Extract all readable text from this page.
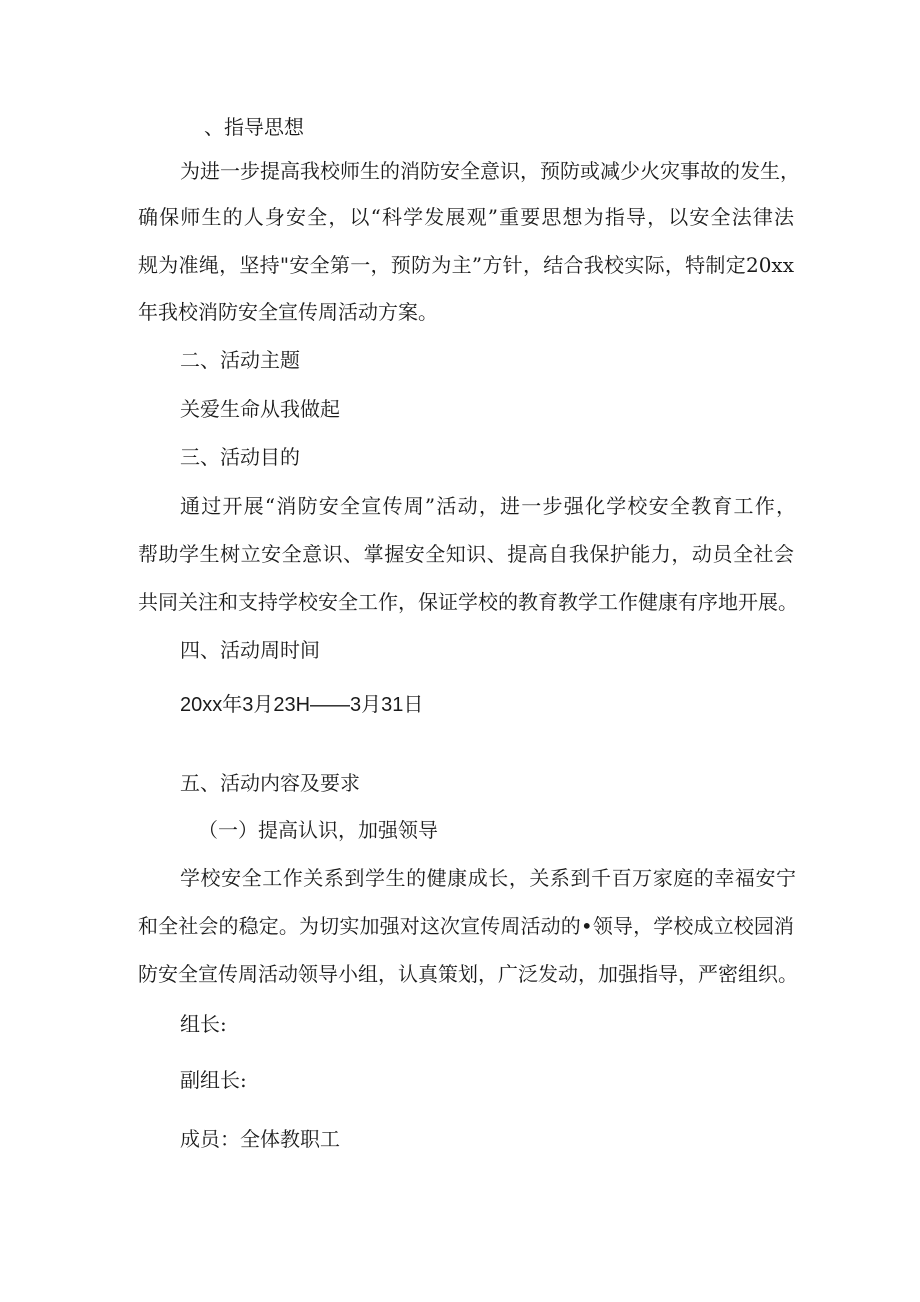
、指导思想

为进一步提高我校师生的消防安全意识，预防或减少火灾事故的发生，

确保师生的人身安全，以“科学发展观”重要思想为指导，以安全法律法

规为准绳，坚持"安全第一，预防为主”方针，结合我校实际，特制定20xx

年我校消防安全宣传周活动方案。

二、活动主题

关爱生命从我做起

三、活动目的

通过开展“消防安全宣传周”活动，进一步强化学校安全教育工作，

帮助学生树立安全意识、掌握安全知识、提高自我保护能力，动员全社会

共同关注和支持学校安全工作，保证学校的教育教学工作健康有序地开展。

四、活动周时间

20xx年3月23H——3月31日

五、活动内容及要求

（一）提高认识，加强领导

学校安全工作关系到学生的健康成长，关系到千百万家庭的幸福安宁

和全社会的稳定。为切实加强对这次宣传周活动的•领导，学校成立校园消

防安全宣传周活动领导小组，认真策划，广泛发动，加强指导，严密组织。

组长:

副组长:

成员：全体教职工
